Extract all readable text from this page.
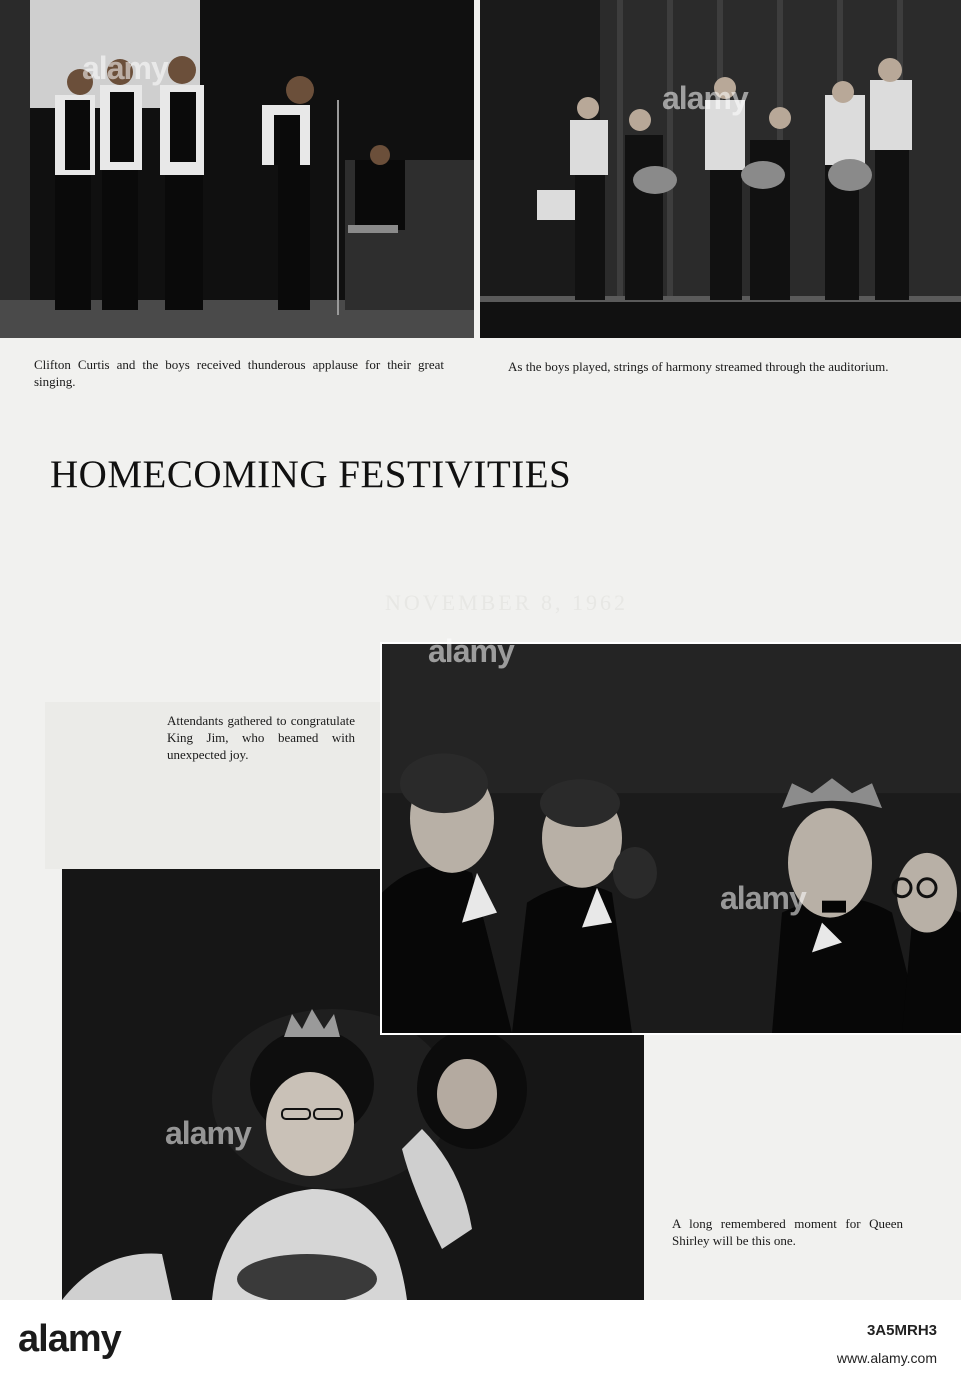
Clifton Curtis and the boys received thunderous applause for their great singing.

As the boys played, strings of harmony streamed through the auditorium.

NOVEMBER 8, 1962
HOMECOMING FESTIVITIES

Attendants gathered to congratulate King Jim, who beamed with unexpected joy.

A long remembered moment for Queen Shirley will be this one.

alamy
alamy
alamy
alamy
alamy
alamy	3A5MRH3
www.alamy.com
